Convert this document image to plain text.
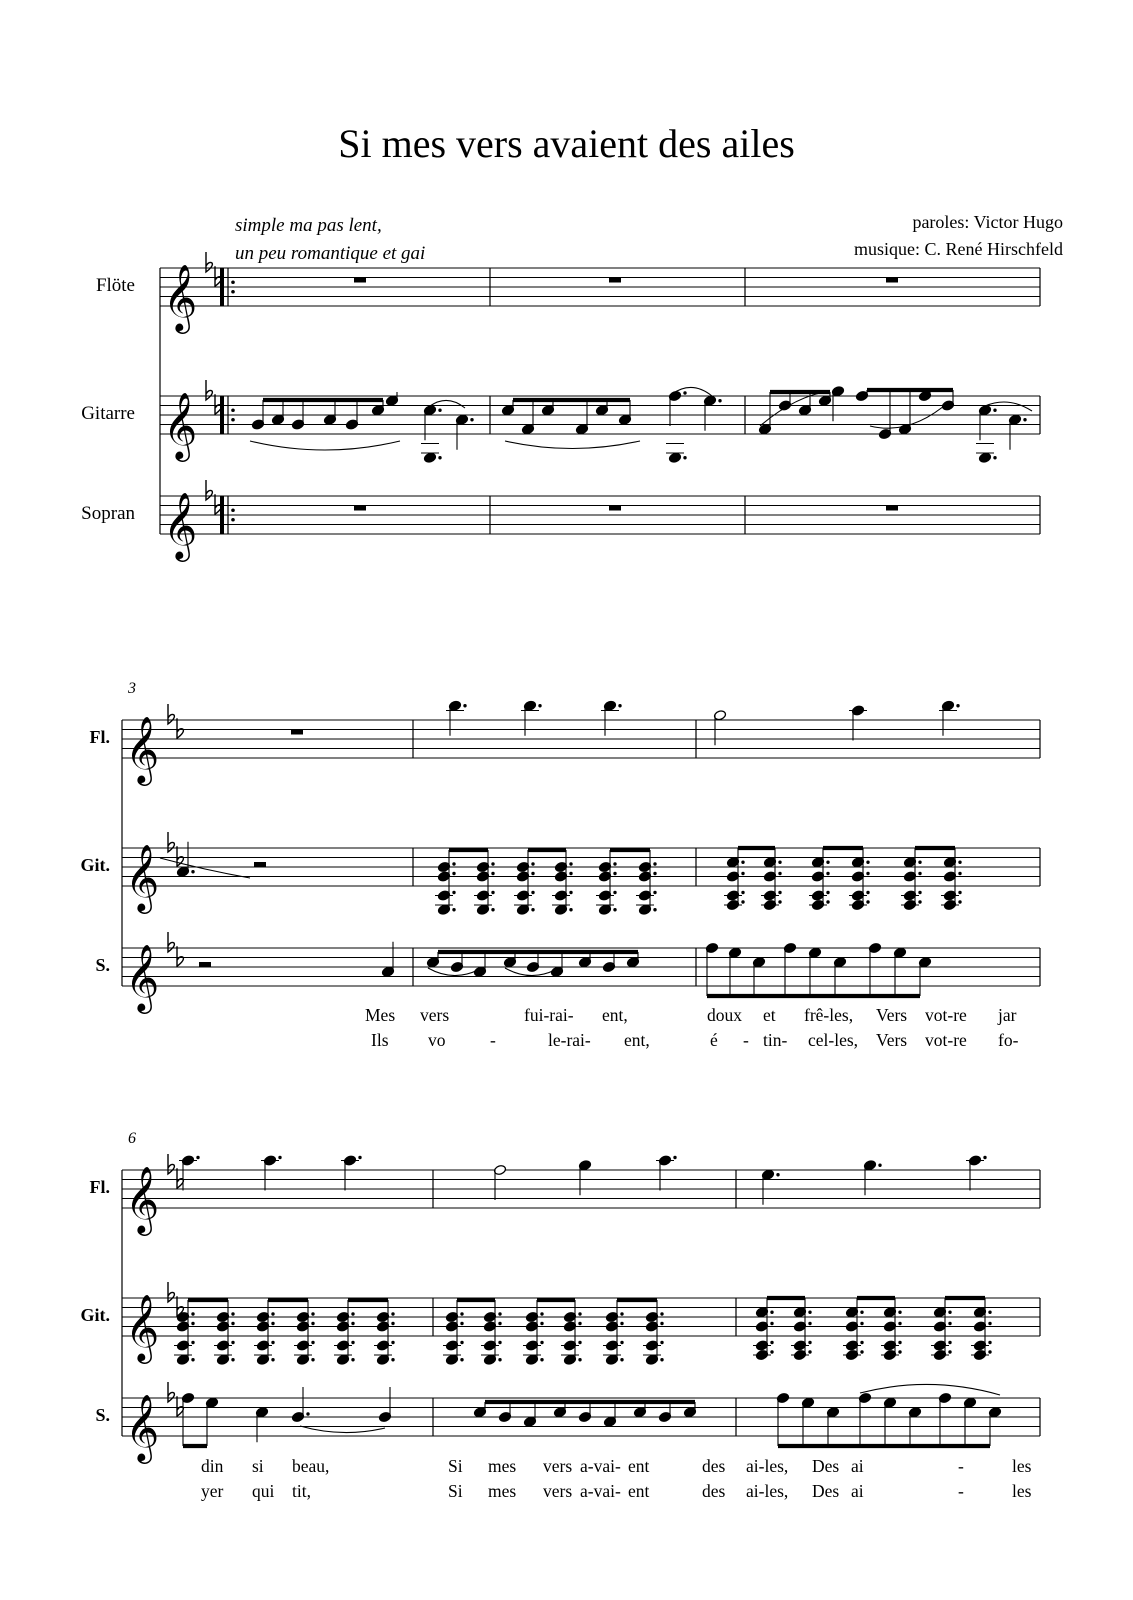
Si mes vers avaient des ailes
simple ma pas lent,
un peu romantique et gai
paroles: Victor Hugo
musique: C. René Hirschfeld
Flöte
Gitarre
Sopran
3
Fl.
Git.
S.
6
Fl.
Git.
S.
Mes vers	fui-rai- ent,	doux et frê-les, Vers vot-re jar
Ils vo	-	le-rai- ent,	é - tin- cel-les, Vers vot-re fo-
din si beau,	Si mes vers a-vai- ent	des ai-les, Des ai	-	les
yer qui tit,	Si mes vers a-vai- ent	des ai-les, Des ai	-	les
𝄞
𝄞
𝄞
𝄞
𝄞
𝄞
𝄞
𝄞
𝄞
